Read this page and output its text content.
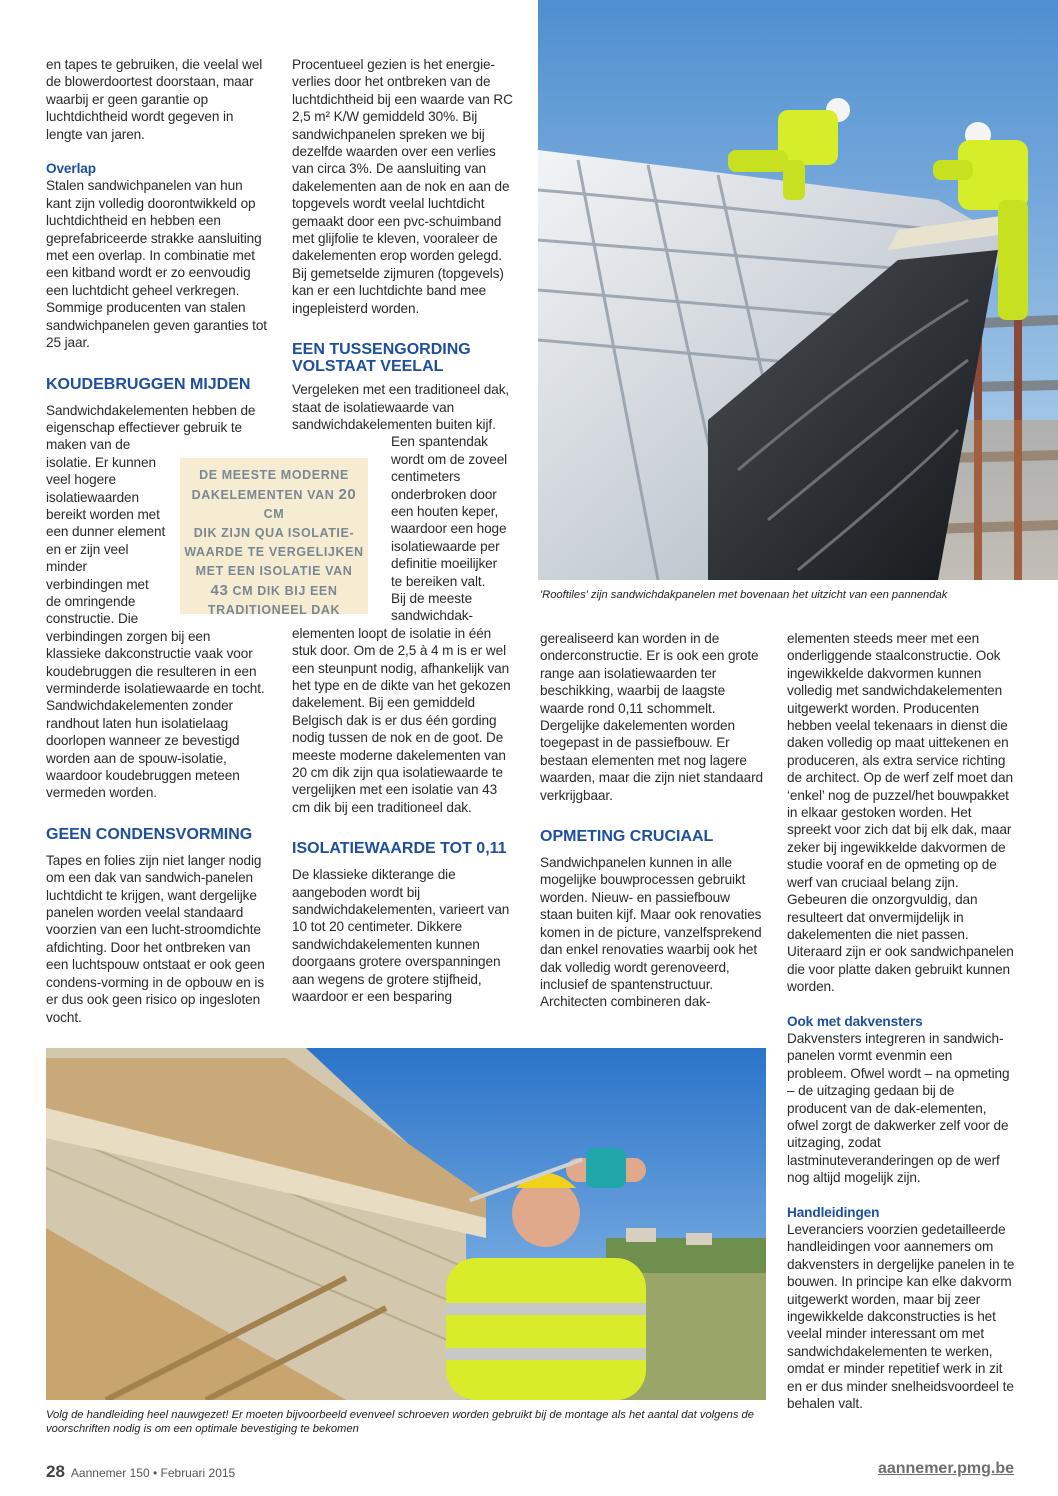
en tapes te gebruiken, die veelal wel de blowerdoortest doorstaan, maar waarbij er geen garantie op luchtdichtheid wordt gegeven in lengte van jaren.

Overlap

Stalen sandwichpanelen van hun kant zijn volledig doorontwikkeld op luchtdichtheid en hebben een geprefabriceerde strakke aansluiting met een overlap. In combinatie met een kitband wordt er zo eenvoudig een luchtdicht geheel verkregen. Sommige producenten van stalen sandwichpanelen geven garanties tot 25 jaar.

KOUDEBRUGGEN MIJDEN

Sandwichdakelementen hebben de eigenschap effectiever gebruik te

maken van de
isolatie. Er kunnen
veel hogere
isolatiewaarden
bereikt worden met
een dunner element
en er zijn veel
minder
verbindingen met
de omringende
constructie. Die

verbindingen zorgen bij een klassieke dakconstructie vaak voor koudebruggen die resulteren in een verminderde isolatiewaarde en tocht. Sandwichdakelementen zonder randhout laten hun isolatielaag doorlopen wanneer ze bevestigd worden aan de spouw-isolatie, waardoor koudebruggen meteen vermeden worden.

GEEN CONDENSVORMING

Tapes en folies zijn niet langer nodig om een dak van sandwich-panelen luchtdicht te krijgen, want dergelijke panelen worden veelal standaard voorzien van een lucht-stroomdichte afdichting. Door het ontbreken van een luchtspouw ontstaat er ook geen condens-vorming in de opbouw en is er dus ook geen risico op ingesloten vocht.

Procentueel gezien is het energie-verlies door het ontbreken van de luchtdichtheid bij een waarde van RC 2,5 m² K/W gemiddeld 30%. Bij sandwichpanelen spreken we bij dezelfde waarden over een verlies van circa 3%. De aansluiting van dakelementen aan de nok en aan de topgevels wordt veelal luchtdicht gemaakt door een pvc-schuimband met glijfolie te kleven, vooraleer de dakelementen erop worden gelegd. Bij gemetselde zijmuren (topgevels) kan er een luchtdichte band mee ingepleisterd worden.

EEN TUSSENGORDING VOLSTAAT VEELAL

Vergeleken met een traditioneel dak, staat de isolatiewaarde van sandwichdakelementen buiten kijf.

Een spantendak
wordt om de zoveel
centimeters
onderbroken door
een houten keper,
waardoor een hoge
isolatiewaarde per
definitie moeilijker
te bereiken valt.
Bij de meeste
sandwichdak-

elementen loopt de isolatie in één stuk door. Om de 2,5 à 4 m is er wel een steunpunt nodig, afhankelijk van het type en de dikte van het gekozen dakelement. Bij een gemiddeld Belgisch dak is er dus één gording nodig tussen de nok en de goot. De meeste moderne dakelementen van 20 cm dik zijn qua isolatiewaarde te vergelijken met een isolatie van 43 cm dik bij een traditioneel dak.

ISOLATIEWAARDE TOT 0,11

De klassieke dikterange die aangeboden wordt bij sandwichdakelementen, varieert van 10 tot 20 centimeter. Dikkere sandwichdakelementen kunnen doorgaans grotere overspanningen aan wegens de grotere stijfheid, waardoor er een besparing

DE MEESTE MODERNE
DAKELEMENTEN VAN 20 CM
DIK ZIJN QUA ISOLATIE-
WAARDE TE VERGELIJKEN
MET EEN ISOLATIE VAN
43 CM DIK BIJ EEN
TRADITIONEEL DAK
'Rooftiles' zijn sandwichdakpanelen met bovenaan het uitzicht van een pannendak

gerealiseerd kan worden in de onderconstructie. Er is ook een grote range aan isolatiewaarden ter beschikking, waarbij de laagste waarde rond 0,11 schommelt. Dergelijke dakelementen worden toegepast in de passiefbouw. Er bestaan elementen met nog lagere waarden, maar die zijn niet standaard verkrijgbaar.

OPMETING CRUCIAAL

Sandwichpanelen kunnen in alle mogelijke bouwprocessen gebruikt worden. Nieuw- en passiefbouw staan buiten kijf. Maar ook renovaties komen in de picture, vanzelfsprekend dan enkel renovaties waarbij ook het dak volledig wordt gerenoveerd, inclusief de spantenstructuur. Architecten combineren dak-

elementen steeds meer met een onderliggende staalconstructie. Ook ingewikkelde dakvormen kunnen volledig met sandwichdakelementen uitgewerkt worden. Producenten hebben veelal tekenaars in dienst die daken volledig op maat uittekenen en produceren, als extra service richting de architect. Op de werf zelf moet dan ‘enkel’ nog de puzzel/het bouwpakket in elkaar gestoken worden. Het spreekt voor zich dat bij elk dak, maar zeker bij ingewikkelde dakvormen de studie vooraf en de opmeting op de werf van cruciaal belang zijn. Gebeuren die onzorgvuldig, dan resulteert dat onvermijdelijk in dakelementen die niet passen. Uiteraard zijn er ook sandwichpanelen die voor platte daken gebruikt kunnen worden.

Ook met dakvensters

Dakvensters integreren in sandwich-panelen vormt evenmin een probleem. Ofwel wordt – na opmeting – de uitzaging gedaan bij de producent van de dak-elementen, ofwel zorgt de dakwerker zelf voor de uitzaging, zodat lastminuteveranderingen op de werf nog altijd mogelijk zijn.

Handleidingen

Leveranciers voorzien gedetailleerde handleidingen voor aannemers om dakvensters in dergelijke panelen in te bouwen. In principe kan elke dakvorm uitgewerkt worden, maar bij zeer ingewikkelde dakconstructies is het veelal minder interessant om met sandwichdakelementen te werken, omdat er minder repetitief werk in zit en er dus minder snelheidsvoordeel te behalen valt.

Volg de handleiding heel nauwgezet! Er moeten bijvoorbeeld evenveel schroeven worden gebruikt bij de montage als het aantal dat volgens de voorschriften nodig is om een optimale bevestiging te bekomen
28 Aannemer 150 • Februari 2015	aannemer.pmg.be
